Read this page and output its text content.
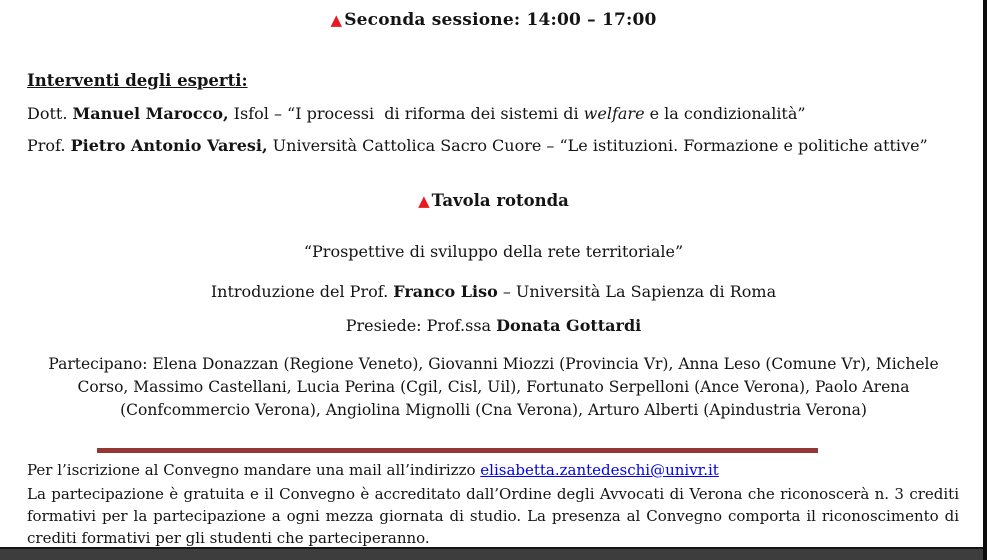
▲ Seconda sessione: 14:00 – 17:00
Interventi degli esperti:

Dott. Manuel Marocco, Isfol – “I processi  di riforma dei sistemi di welfare e la condizionalità”

Prof. Pietro Antonio Varesi, Università Cattolica Sacro Cuore – “Le istituzioni. Formazione e politiche attive”

▲ Tavola rotonda
“Prospettive di sviluppo della rete territoriale”
Introduzione del Prof. Franco Liso – Università La Sapienza di Roma
Presiede: Prof.ssa Donata Gottardi

Partecipano: Elena Donazzan (Regione Veneto), Giovanni Miozzi (Provincia Vr), Anna Leso (Comune Vr), Michele Corso, Massimo Castellani, Lucia Perina (Cgil, Cisl, Uil), Fortunato Serpelloni (Ance Verona), Paolo Arena (Confcommercio Verona), Angiolina Mignolli (Cna Verona), Arturo Alberti (Apindustria Verona)

Per l’iscrizione al Convegno mandare una mail all’indirizzo elisabetta.zantedeschi@univr.it

La partecipazione è gratuita e il Convegno è accreditato dall’Ordine degli Avvocati di Verona che riconoscerà n. 3 crediti formativi per la partecipazione a ogni mezza giornata di studio. La presenza al Convegno comporta il riconoscimento di crediti formativi per gli studenti che parteciperanno.
